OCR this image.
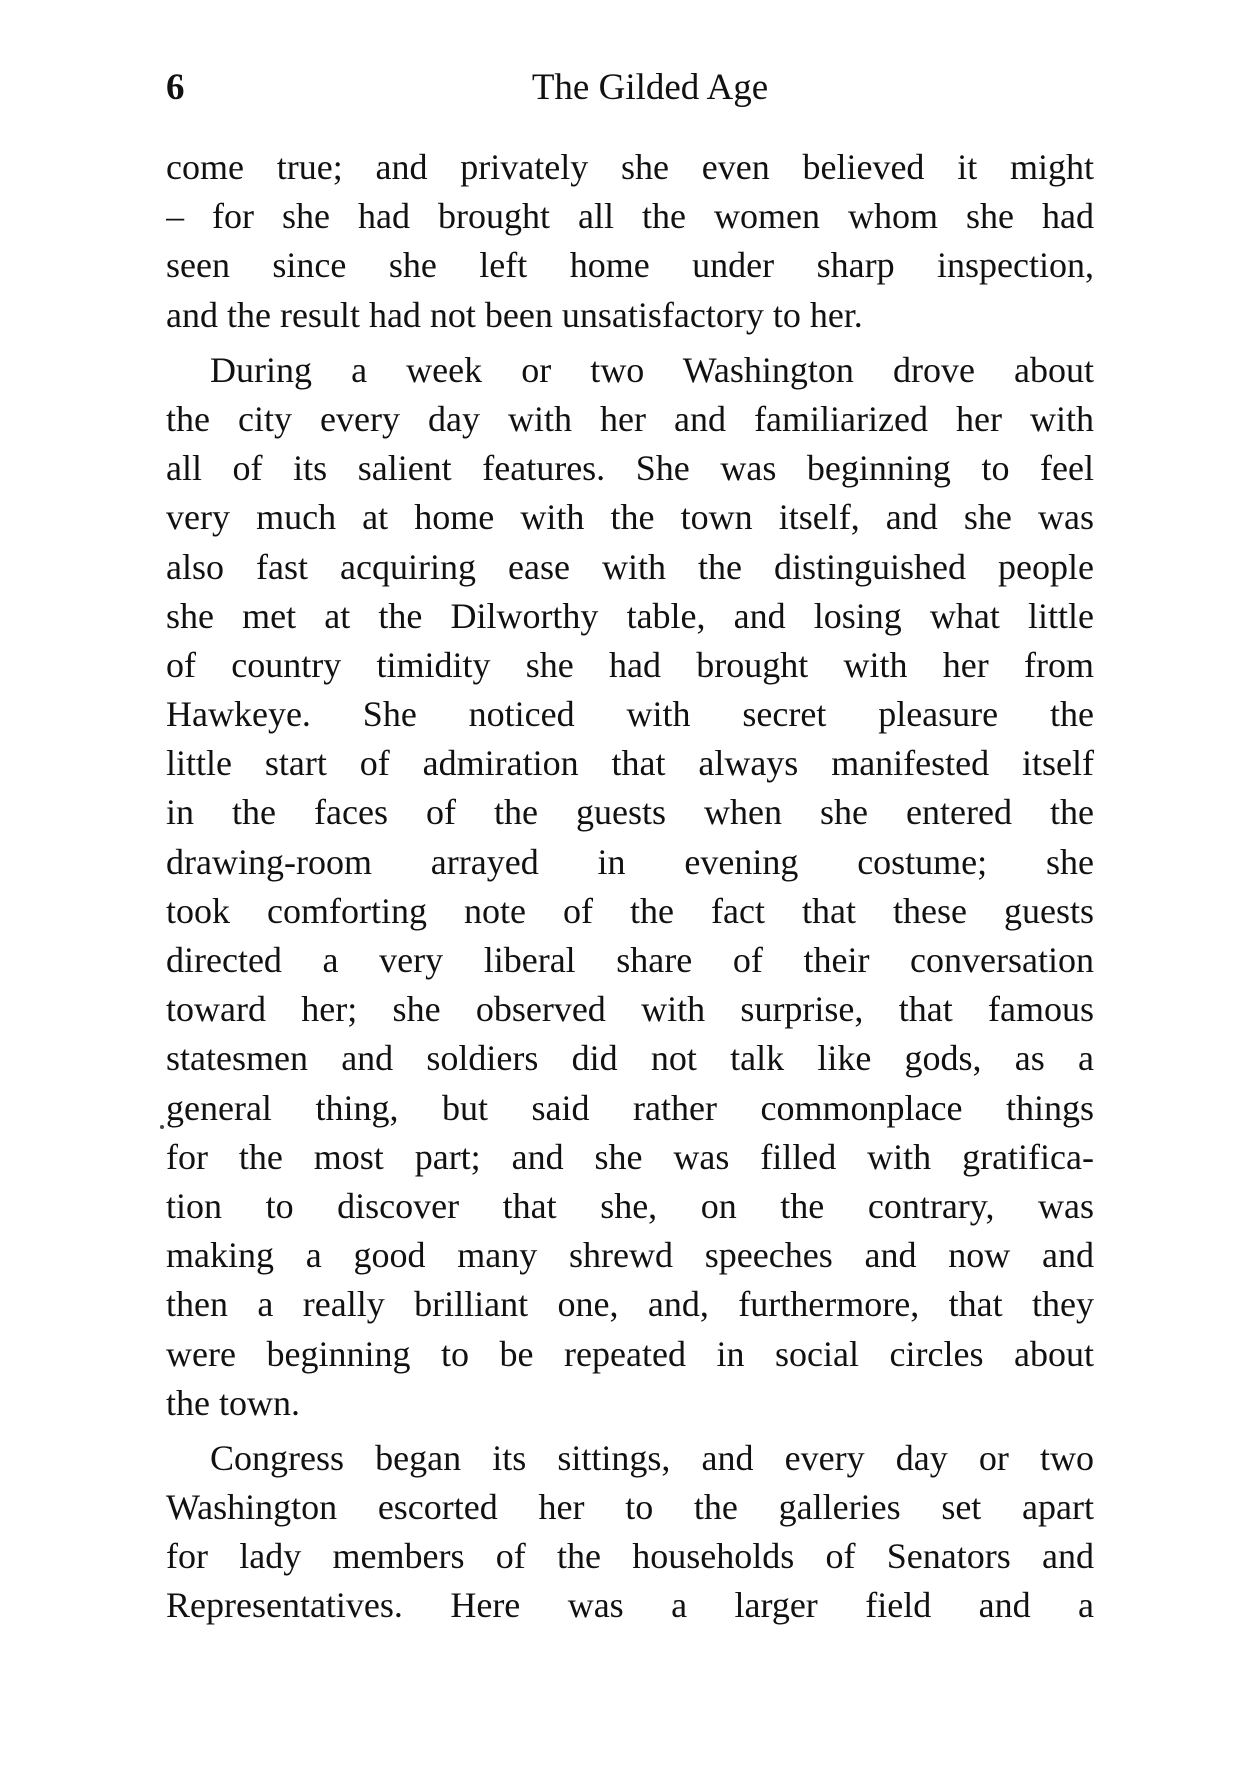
6	The Gilded Age
come true; and privately she even believed it might
– for she had brought all the women whom she had
seen since she left home under sharp inspection,
and the result had not been unsatisfactory to her.
During a week or two Washington drove about
the city every day with her and familiarized her with
all of its salient features. She was beginning to feel
very much at home with the town itself, and she was
also fast acquiring ease with the distinguished people
she met at the Dilworthy table, and losing what little
of country timidity she had brought with her from
Hawkeye. She noticed with secret pleasure the
little start of admiration that always manifested itself
in the faces of the guests when she entered the
drawing-room arrayed in evening costume; she
took comforting note of the fact that these guests
directed a very liberal share of their conversation
toward her; she observed with surprise, that famous
statesmen and soldiers did not talk like gods, as a
general thing, but said rather commonplace things
for the most part; and she was filled with gratifica-
tion to discover that she, on the contrary, was
making a good many shrewd speeches and now and
then a really brilliant one, and, furthermore, that they
were beginning to be repeated in social circles about
the town.
Congress began its sittings, and every day or two
Washington escorted her to the galleries set apart
for lady members of the households of Senators and
Representatives. Here was a larger field and a
